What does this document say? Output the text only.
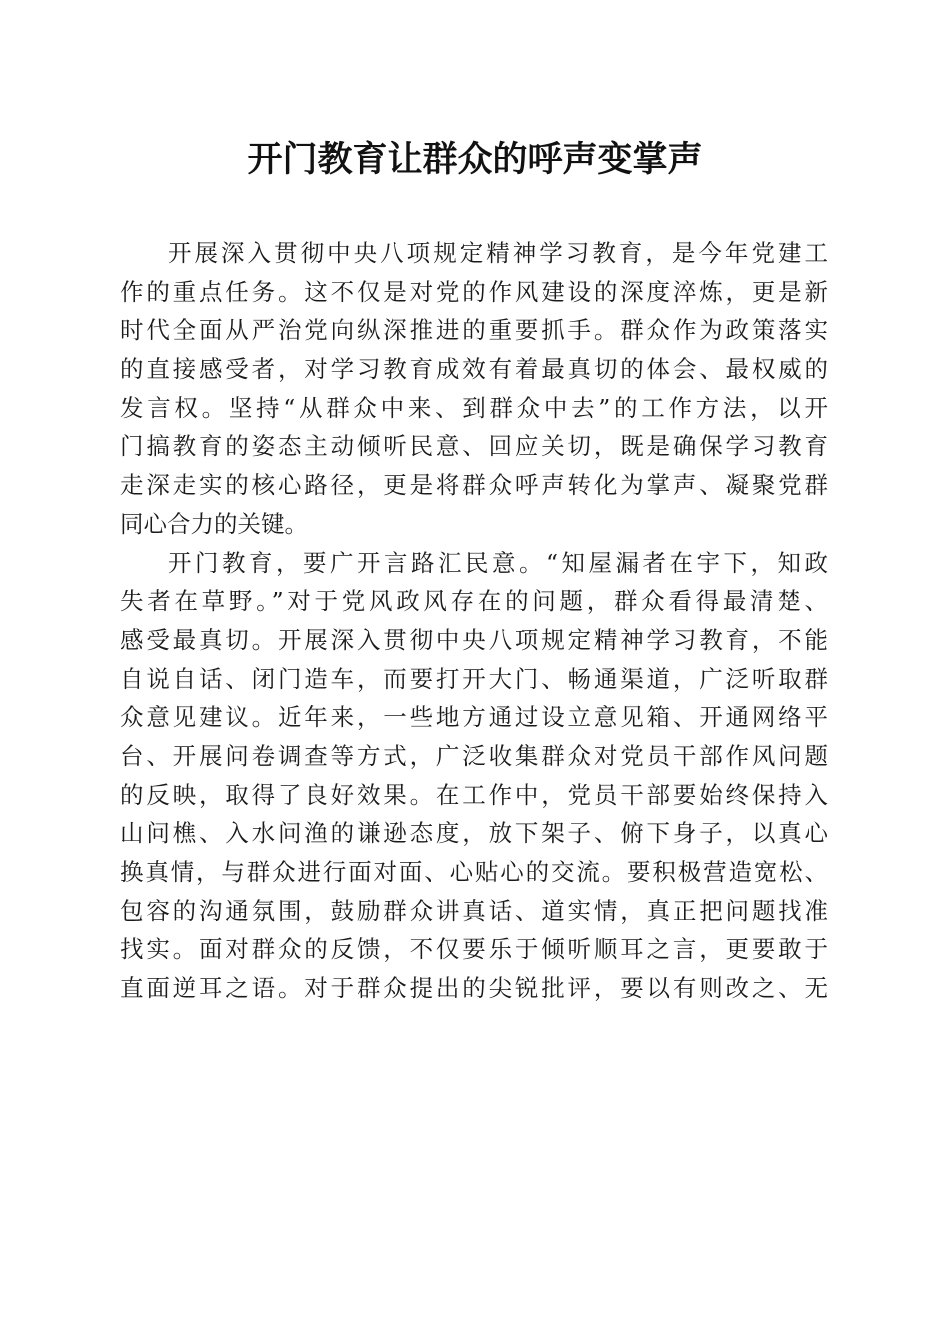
开门教育让群众的呼声变掌声
开展深入贯彻中央八项规定精神学习教育，是今年党建工
作的重点任务。这不仅是对党的作风建设的深度淬炼，更是新
时代全面从严治党向纵深推进的重要抓手。群众作为政策落实
的直接感受者，对学习教育成效有着最真切的体会、最权威的
发言权。坚持“从群众中来、到群众中去”的工作方法，以开
门搞教育的姿态主动倾听民意、回应关切，既是确保学习教育
走深走实的核心路径，更是将群众呼声转化为掌声、凝聚党群
同心合力的关键。
开门教育，要广开言路汇民意。“知屋漏者在宇下，知政
失者在草野。”对于党风政风存在的问题，群众看得最清楚、
感受最真切。开展深入贯彻中央八项规定精神学习教育，不能
自说自话、闭门造车，而要打开大门、畅通渠道，广泛听取群
众意见建议。近年来，一些地方通过设立意见箱、开通网络平
台、开展问卷调查等方式，广泛收集群众对党员干部作风问题
的反映，取得了良好效果。在工作中，党员干部要始终保持入
山问樵、入水问渔的谦逊态度，放下架子、俯下身子，以真心
换真情，与群众进行面对面、心贴心的交流。要积极营造宽松、
包容的沟通氛围，鼓励群众讲真话、道实情，真正把问题找准
找实。面对群众的反馈，不仅要乐于倾听顺耳之言，更要敢于
直面逆耳之语。对于群众提出的尖锐批评，要以有则改之、无
